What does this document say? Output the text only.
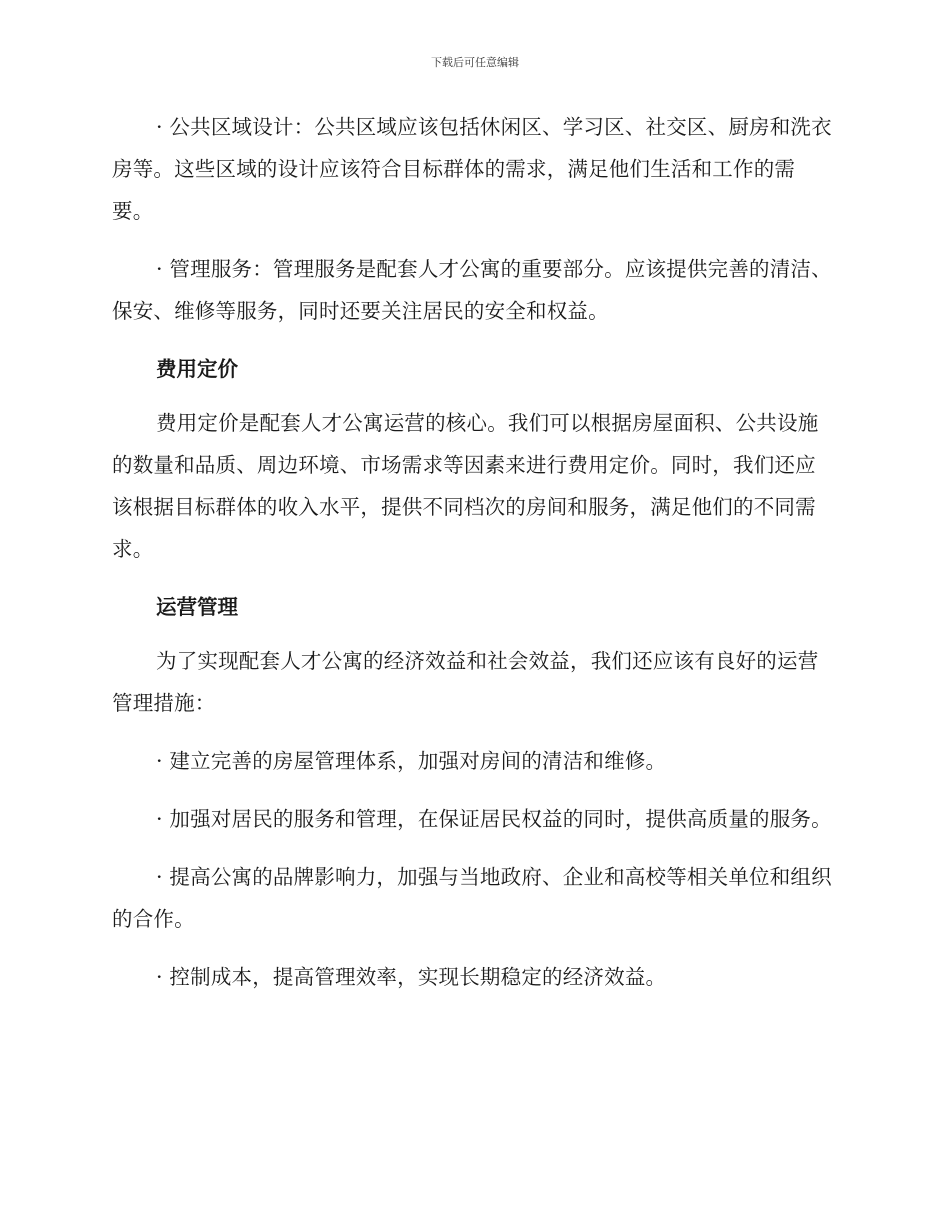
下载后可任意编辑

· 公共区域设计：公共区域应该包括休闲区、学习区、社交区、厨房和洗衣房等。这些区域的设计应该符合目标群体的需求，满足他们生活和工作的需要。

· 管理服务：管理服务是配套人才公寓的重要部分。应该提供完善的清洁、保安、维修等服务，同时还要关注居民的安全和权益。

费用定价

费用定价是配套人才公寓运营的核心。我们可以根据房屋面积、公共设施的数量和品质、周边环境、市场需求等因素来进行费用定价。同时，我们还应该根据目标群体的收入水平，提供不同档次的房间和服务，满足他们的不同需求。

运营管理

为了实现配套人才公寓的经济效益和社会效益，我们还应该有良好的运营管理措施：

· 建立完善的房屋管理体系，加强对房间的清洁和维修。

· 加强对居民的服务和管理，在保证居民权益的同时，提供高质量的服务。

· 提高公寓的品牌影响力，加强与当地政府、企业和高校等相关单位和组织的合作。

· 控制成本，提高管理效率，实现长期稳定的经济效益。
